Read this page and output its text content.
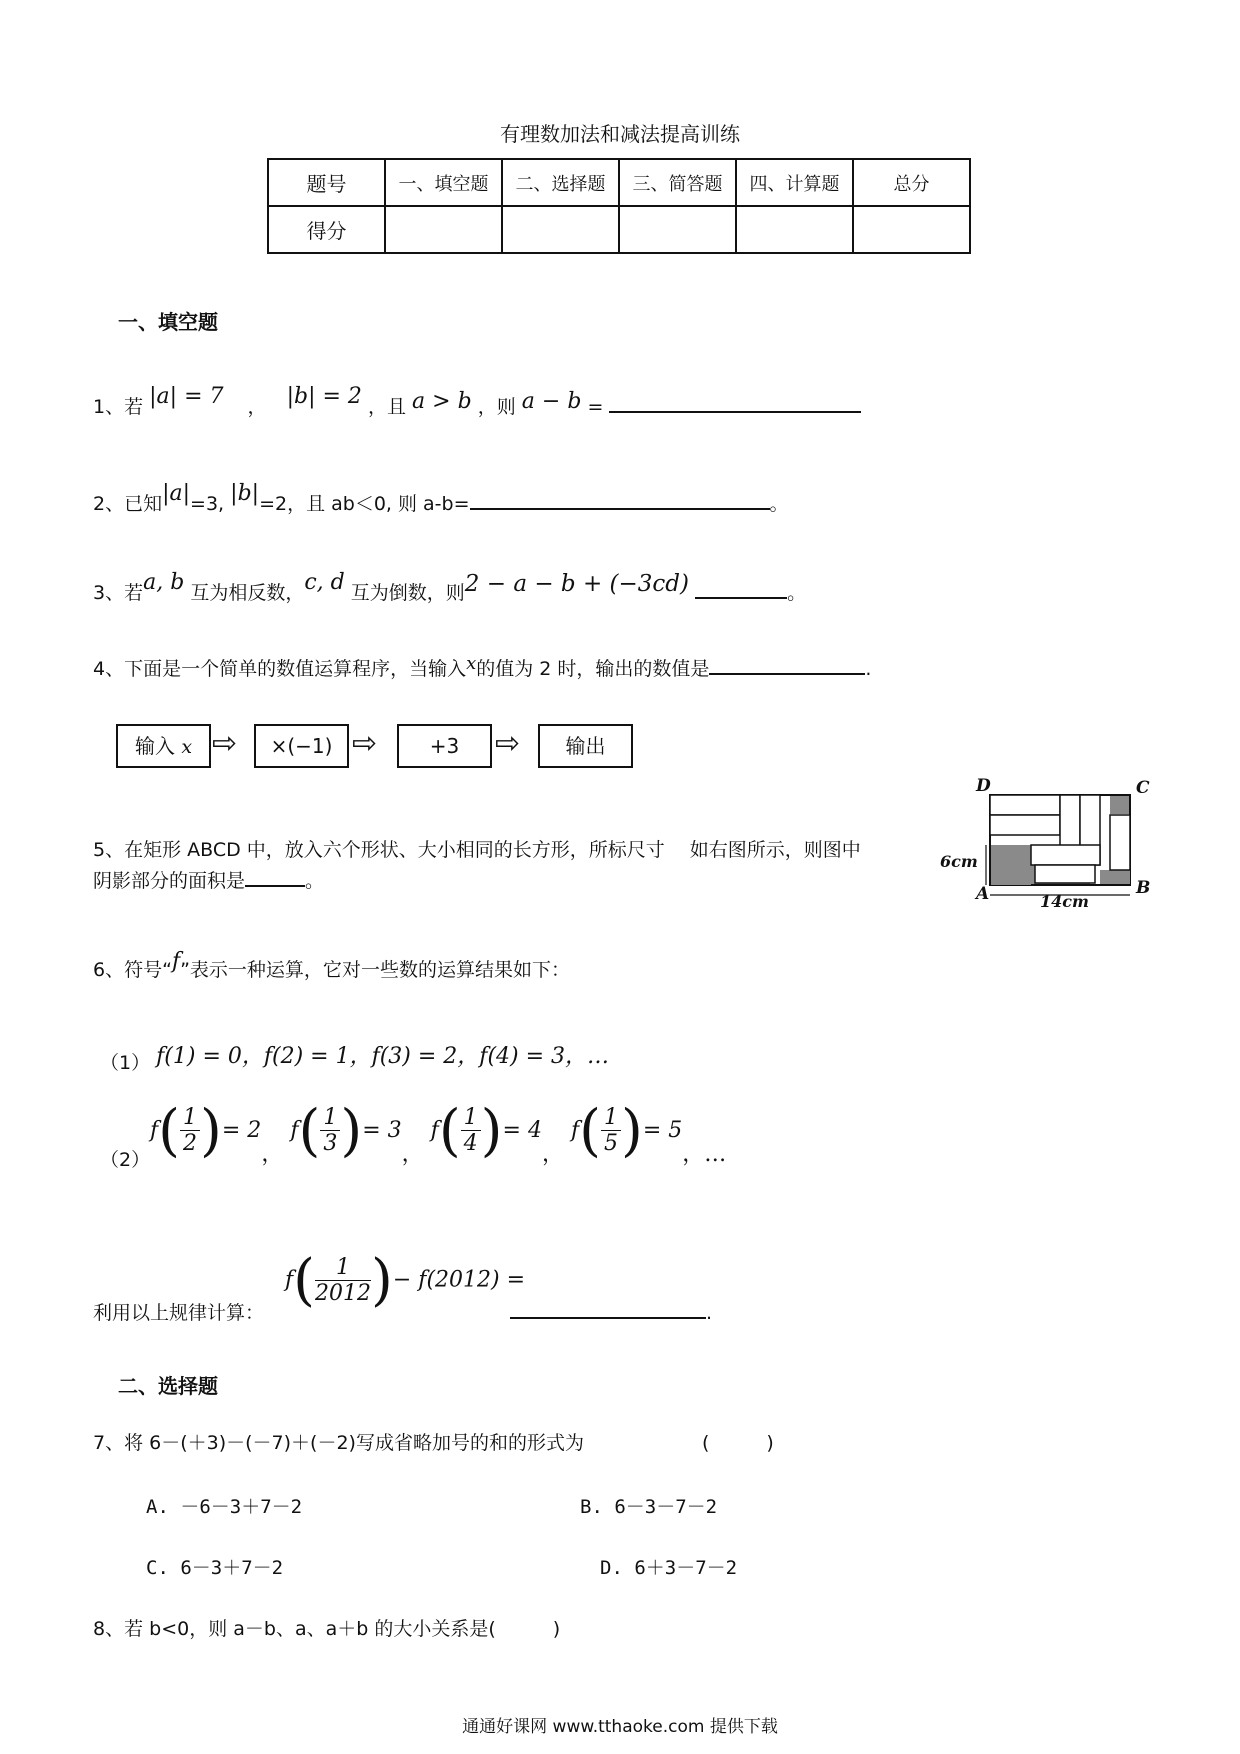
有理数加法和减法提高训练
题号	一、填空题	二、选择题	三、简答题	四、计算题	总分
得分					
一、填空题
1、若 |a| = 7 ， |b| = 2 ，且 a > b ，则 a − b =
2、已知|a|=3, |b|=2，且 ab＜0, 则 a-b=	。
3、若a, b 互为相反数，c, d 互为倒数，则2 − a − b + (−3cd)	。
4、下面是一个简单的数值运算程序，当输入x的值为 2 时，输出的数值是	.
输入 x ⇨	×(−1) ⇨	+3	⇨	输出
5、在矩形 ABCD 中，放入六个形状、大小相同的长方形，所标尺寸　 如右图所示，则图中
阴影部分的面积是	。
D	C
A	B
6cm
14cm
6、符号“f”表示一种运算，它对一些数的运算结果如下：
（1） f(1) = 0，f(2) = 1，f(3) = 2，f(4) = 3，…
（2）
$f( \frac{1}{2}$ )= 2， $f( \frac{1}{3}$ )= 3， $f( \frac{1}{4}$ )= 4， $f( \frac{1}{5}$ )= 5，…
利用以上规律计算：
$f( \frac{1}{2012}$ )− f(2012) =
.
二、选择题
7、将 6－(＋3)－(－7)＋(－2)写成省略加号的和的形式为	(　　　)
A. －6－3＋7－2	B. 6－3－7－2
C. 6－3＋7－2	D. 6＋3－7－2
8、若 b<0，则 a－b、a、a＋b 的大小关系是(　　　)
通通好课网 www.tthaoke.com 提供下载
